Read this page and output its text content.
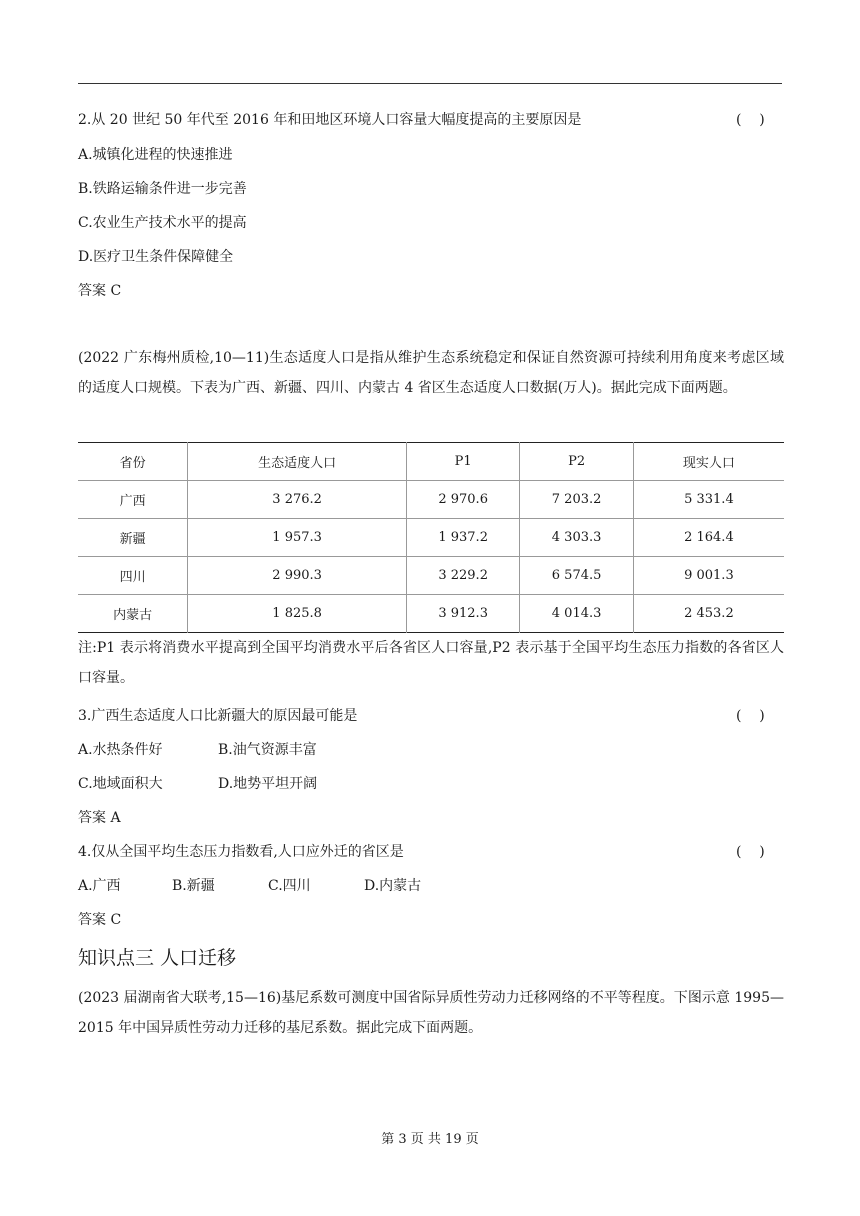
2.从 20 世纪 50 年代至 2016 年和田地区环境人口容量大幅度提高的主要原因是	(    )
A.城镇化进程的快速推进
B.铁路运输条件进一步完善
C.农业生产技术水平的提高
D.医疗卫生条件保障健全
答案 C
(2022 广东梅州质检,10—11)生态适度人口是指从维护生态系统稳定和保证自然资源可持续利用角度来考虑区域的适度人口规模。下表为广西、新疆、四川、内蒙古 4 省区生态适度人口数据(万人)。据此完成下面两题。
省份	生态适度人口	P1	P2	现实人口
广西	3 276.2	2 970.6	7 203.2	5 331.4
新疆	1 957.3	1 937.2	4 303.3	2 164.4
四川	2 990.3	3 229.2	6 574.5	9 001.3
内蒙古	1 825.8	3 912.3	4 014.3	2 453.2
注:P1 表示将消费水平提高到全国平均消费水平后各省区人口容量,P2 表示基于全国平均生态压力指数的各省区人口容量。
3.广西生态适度人口比新疆大的原因最可能是	(    )
A.水热条件好	B.油气资源丰富
C.地域面积大	D.地势平坦开阔
答案 A
4.仅从全国平均生态压力指数看,人口应外迁的省区是	(    )
A.广西	B.新疆	C.四川	D.内蒙古
答案 C
知识点三 人口迁移
(2023 届湖南省大联考,15—16)基尼系数可测度中国省际异质性劳动力迁移网络的不平等程度。下图示意 1995—2015 年中国异质性劳动力迁移的基尼系数。据此完成下面两题。
第 3 页 共 19 页
